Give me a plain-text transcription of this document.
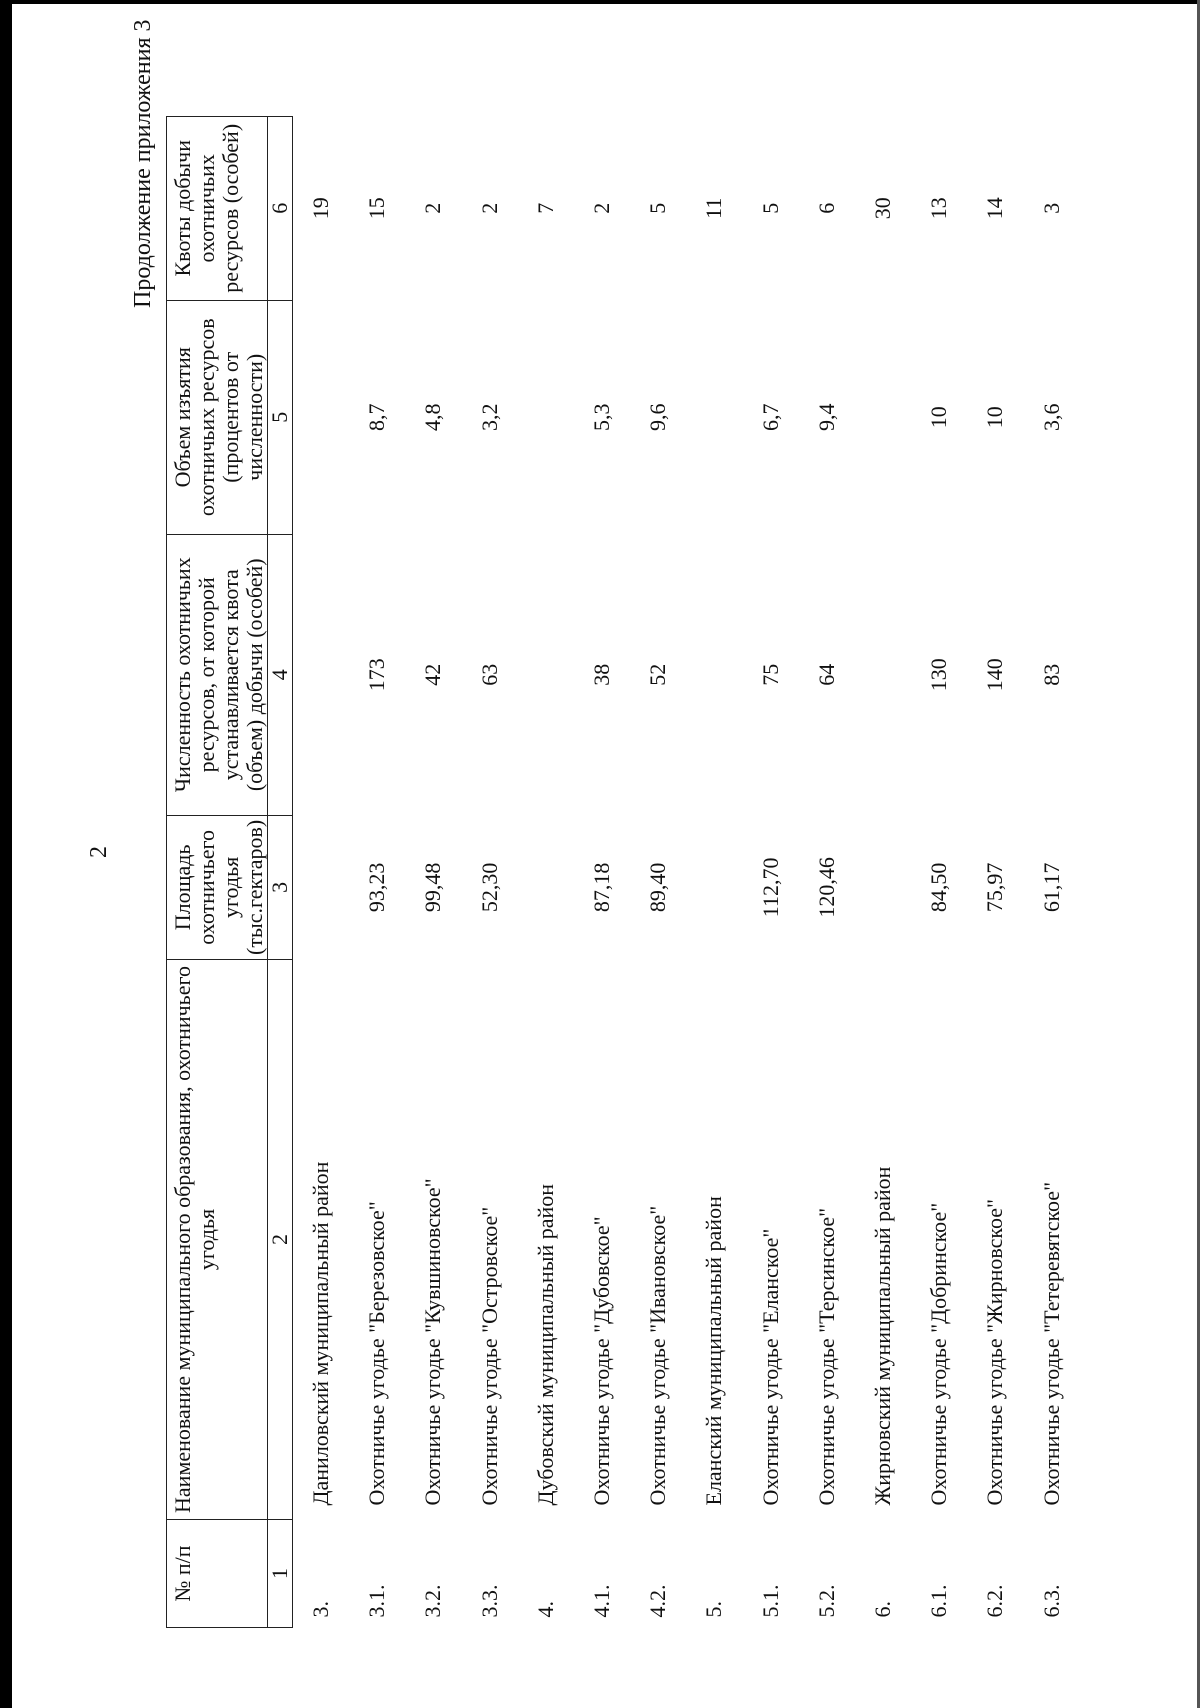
2
Продолжение приложения 3
№ п/п	Наименование муниципального образования, охотничьего угодья	Площадь охотничьего угодья (тыс.гектаров)	Численность охотничьих ресурсов, от которой устанавливается квота (объем) добычи (особей)	Объем изъятия охотничьих ресурсов (процентов от численности)	Квоты добычи охотничьих ресурсов (особей)
1	2	3	4	5	6
3.	Даниловский муниципальный район				19
3.1.	Охотничье угодье "Березовское"	93,23	173	8,7	15
3.2.	Охотничье угодье "Кувшиновское"	99,48	42	4,8	2
3.3.	Охотничье угодье "Островское"	52,30	63	3,2	2
4.	Дубовский муниципальный район				7
4.1.	Охотничье угодье "Дубовское"	87,18	38	5,3	2
4.2.	Охотничье угодье "Ивановское"	89,40	52	9,6	5
5.	Еланский муниципальный район				11
5.1.	Охотничье угодье "Еланское"	112,70	75	6,7	5
5.2.	Охотничье угодье "Терсинское"	120,46	64	9,4	6
6.	Жирновский муниципальный район				30
6.1.	Охотничье угодье "Добринское"	84,50	130	10	13
6.2.	Охотничье угодье "Жирновское"	75,97	140	10	14
6.3.	Охотничье угодье "Тетеревятское"	61,17	83	3,6	3
